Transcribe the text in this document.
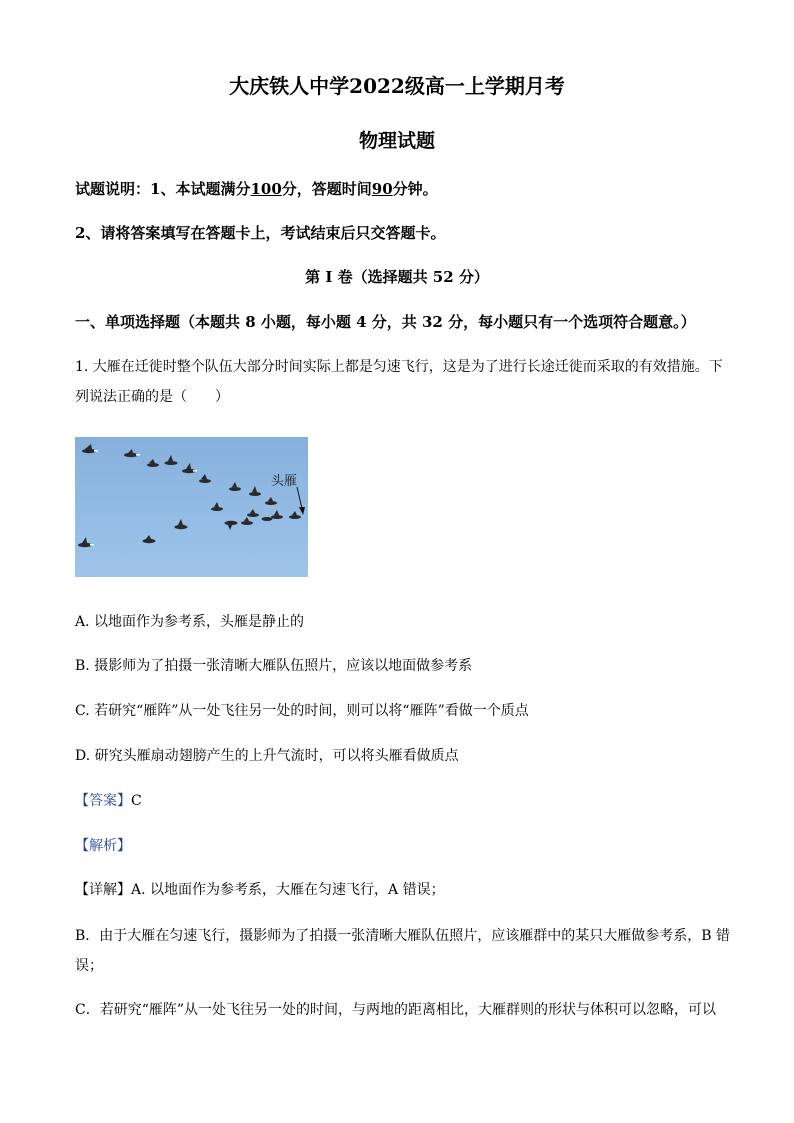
大庆铁人中学2022级高一上学期月考
物理试题
试题说明：1、本试题满分100分，答题时间90分钟。
2、请将答案填写在答题卡上，考试结束后只交答题卡。
第 I 卷（选择题共 52 分）
一、单项选择题（本题共 8 小题，每小题 4 分，共 32 分，每小题只有一个选项符合题意。）
1. 大雁在迁徙时整个队伍大部分时间实际上都是匀速飞行，这是为了进行长途迁徙而采取的有效措施。下
列说法正确的是（　　）
头雁
A. 以地面作为参考系，头雁是静止的
B. 摄影师为了拍摄一张清晰大雁队伍照片，应该以地面做参考系
C. 若研究“雁阵”从一处飞往另一处的时间，则可以将“雁阵”看做一个质点
D. 研究头雁扇动翅膀产生的上升气流时，可以将头雁看做质点
【答案】C
【解析】
【详解】A. 以地面作为参考系，大雁在匀速飞行，A 错误；
B．由于大雁在匀速飞行，摄影师为了拍摄一张清晰大雁队伍照片，应该雁群中的某只大雁做参考系，B 错
误；
C．若研究“雁阵”从一处飞往另一处的时间，与两地的距离相比，大雁群则的形状与体积可以忽略，可以
